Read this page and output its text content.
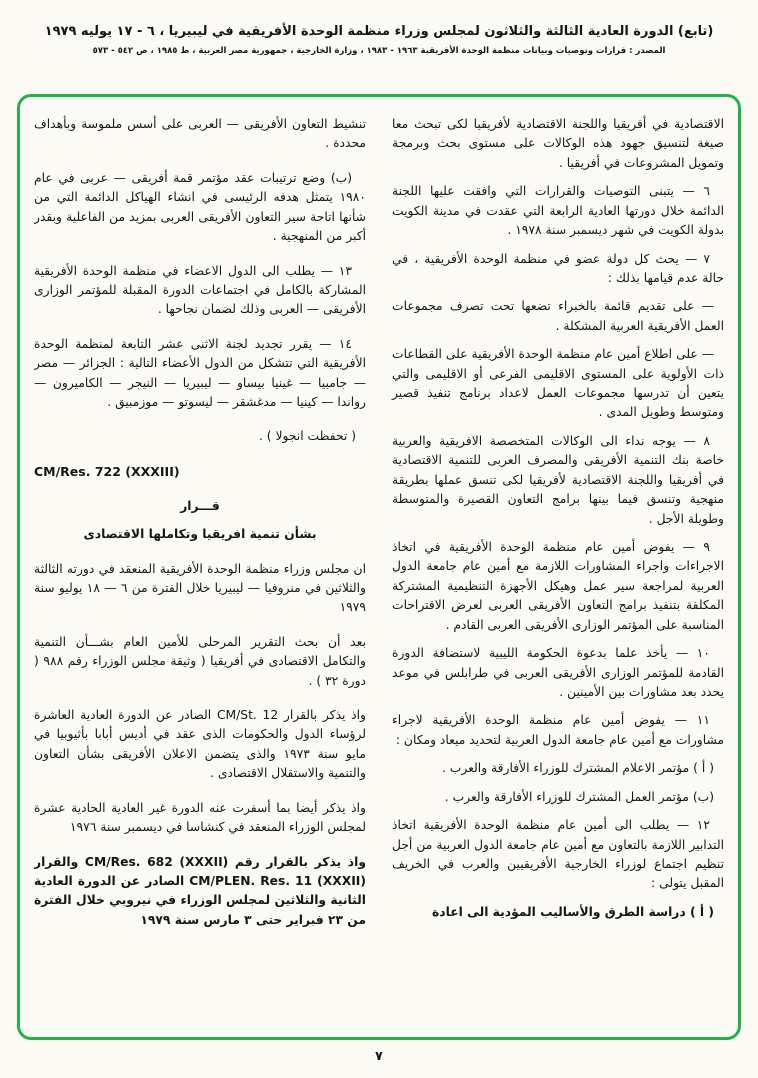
(تابع) الدورة العادية الثالثة والثلاثون لمجلس وزراء منظمة الوحدة الأفريقية في ليبيريا ، ٦ - ١٧ يوليه ١٩٧٩
المصدر : قرارات وتوصيات وبيانات منظمة الوحدة الأفريقية ١٩٦٣ - ١٩٨٣ ، وزارة الخارجية ، جمهورية مصر العربية ، ط ١٩٨٥ ، ص ٥٤٢ - ٥٧٣

الاقتصادية في أفريقيا واللجنة الاقتصادية لأفريقيا لكى تبحث معا صيغة لتنسيق جهود هذه الوكالات على مستوى بحث وبرمجة وتمويل المشروعات في أفريقيا .

٦ — يتبنى التوصيات والقرارات التي وافقت عليها اللجنة الدائمة خلال دورتها العادية الرابعة التي عقدت في مدينة الكويت بدولة الكويت في شهر ديسمبر سنة ١٩٧٨ .

٧ — يحث كل دولة عضو في منظمة الوحدة الأفريقية ، في حالة عدم قيامها بذلك :

— على تقديم قائمة بالخبراء تضعها تحت تصرف مجموعات العمل الأفريقية العربية المشكلة .

— على اطلاع أمين عام منظمة الوحدة الأفريقية على القطاعات ذات الأولوية على المستوى الاقليمى الفرعى أو الاقليمى والتي يتعين أن تدرسها مجموعات العمل لاعداد برنامج تنفيذ قصير ومتوسط وطويل المدى .

٨ — يوجه نداء الى الوكالات المتخصصة الافريقية والعربية خاصة بنك التنمية الأفريقى والمصرف العربى للتنمية الاقتصادية في أفريقيا واللجنة الاقتصادية لأفريقيا لكى تنسق عملها بطريقة منهجية وتنسق فيما بينها برامج التعاون القصيرة والمتوسطة وطويلة الأجل .

٩ — يفوض أمين عام منظمة الوحدة الأفريقية في اتخاذ الاجراءات واجراء المشاورات اللازمة مع أمين عام جامعة الدول العربية لمراجعة سير عمل وهيكل الأجهزة التنظيمية المشتركة المكلفة بتنفيذ برامج التعاون الأفريقى العربى لعرض الاقتراحات المناسبة على المؤتمر الوزارى الأفريقى العربى القادم .

١٠ — يأخذ علما بدعوة الحكومة الليبية لاستضافة الدورة القادمة للمؤتمر الوزارى الأفريقى العربى في طرابلس في موعد يحدد بعد مشاورات بين الأمينين .

١١ — يفوض أمين عام منظمة الوحدة الأفريقية لاجراء مشاورات مع أمين عام جامعة الدول العربية لتحديد ميعاد ومكان :

( أ ) مؤتمر الاعلام المشترك للوزراء الأفارقة والعرب .

(ب) مؤتمر العمل المشترك للوزراء الأفارقة والعرب .

١٢ — يطلب الى أمين عام منظمة الوحدة الأفريقية اتخاذ التدابير اللازمة بالتعاون مع أمين عام جامعة الدول العربية من أجل تنظيم اجتماع لوزراء الخارجية الأفريقيين والعرب في الخريف المقبل يتولى :

( أ ) دراسة الطرق والأساليب المؤدية الى اعادة

تنشيط التعاون الأفريقى — العربى على أسس ملموسة وبأهداف محددة .

(ب) وضع ترتيبات عقد مؤتمر قمة أفريقى — عربى في عام ١٩٨٠ يتمثل هدفه الرئيسى في انشاء الهياكل الدائمة التي من شأنها اتاحة سير التعاون الأفريقى العربى بمزيد من الفاعلية وبقدر أكبر من المنهجية .

١٣ — يطلب الى الدول الاعضاء في منظمة الوحدة الأفريقية المشاركة بالكامل في اجتماعات الدورة المقبلة للمؤتمر الوزارى الأفريقى — العربى وذلك لضمان نجاحها .

١٤ — يقرر تجديد لجنة الاثنى عشر التابعة لمنظمة الوحدة الأفريقية التي تتشكل من الدول الأعضاء التالية : الجزائر — مصر — جامبيا — غينيا بيساو — ليبيريا — النيجر — الكاميرون — رواندا — كينيا — مدغشقر — ليسوتو — موزمبيق .

( تحفظت انجولا ) .

CM/Res. 722 (XXXIII)

قـــرار

بشأن تنمية افريقيا وتكاملها الاقتصادى

ان مجلس وزراء منظمة الوحدة الأفريقية المنعقد في دورته الثالثة والثلاثين في منروفيا — ليبيريا خلال الفترة من ٦ — ١٨ يوليو سنة ١٩٧٩

بعد أن بحث التقرير المرحلى للأمين العام بشـــأن التنمية والتكامل الاقتصادى في أفريقيا ( وثيقة مجلس الوزراء رقم ٩٨٨ ( دورة ٣٢ ) .

واذ يذكر بالقرار CM/St. 12 الصادر عن الدورة العادية العاشرة لرؤساء الدول والحكومات الذى عقد في أديس أبابا بأثيوبيا في مايو سنة ١٩٧٣ والذى يتضمن الاعلان الأفريقى بشأن التعاون والتنمية والاستقلال الاقتصادى .

واذ يذكر أيضا بما أسفرت عنه الدورة غير العادية الحادية عشرة لمجلس الوزراء المنعقد في كنشاسا في ديسمبر سنة ١٩٧٦

واذ يذكر بالقرار رقم CM/Res. 682 (XXXII) والقرار CM/PLEN. Res. 11 (XXXII) الصادر عن الدورة العادية الثانية والثلاثين لمجلس الوزراء في نيروبي خلال الفترة من ٢٣ فبراير حتى ٣ مارس سنة ١٩٧٩

٧
